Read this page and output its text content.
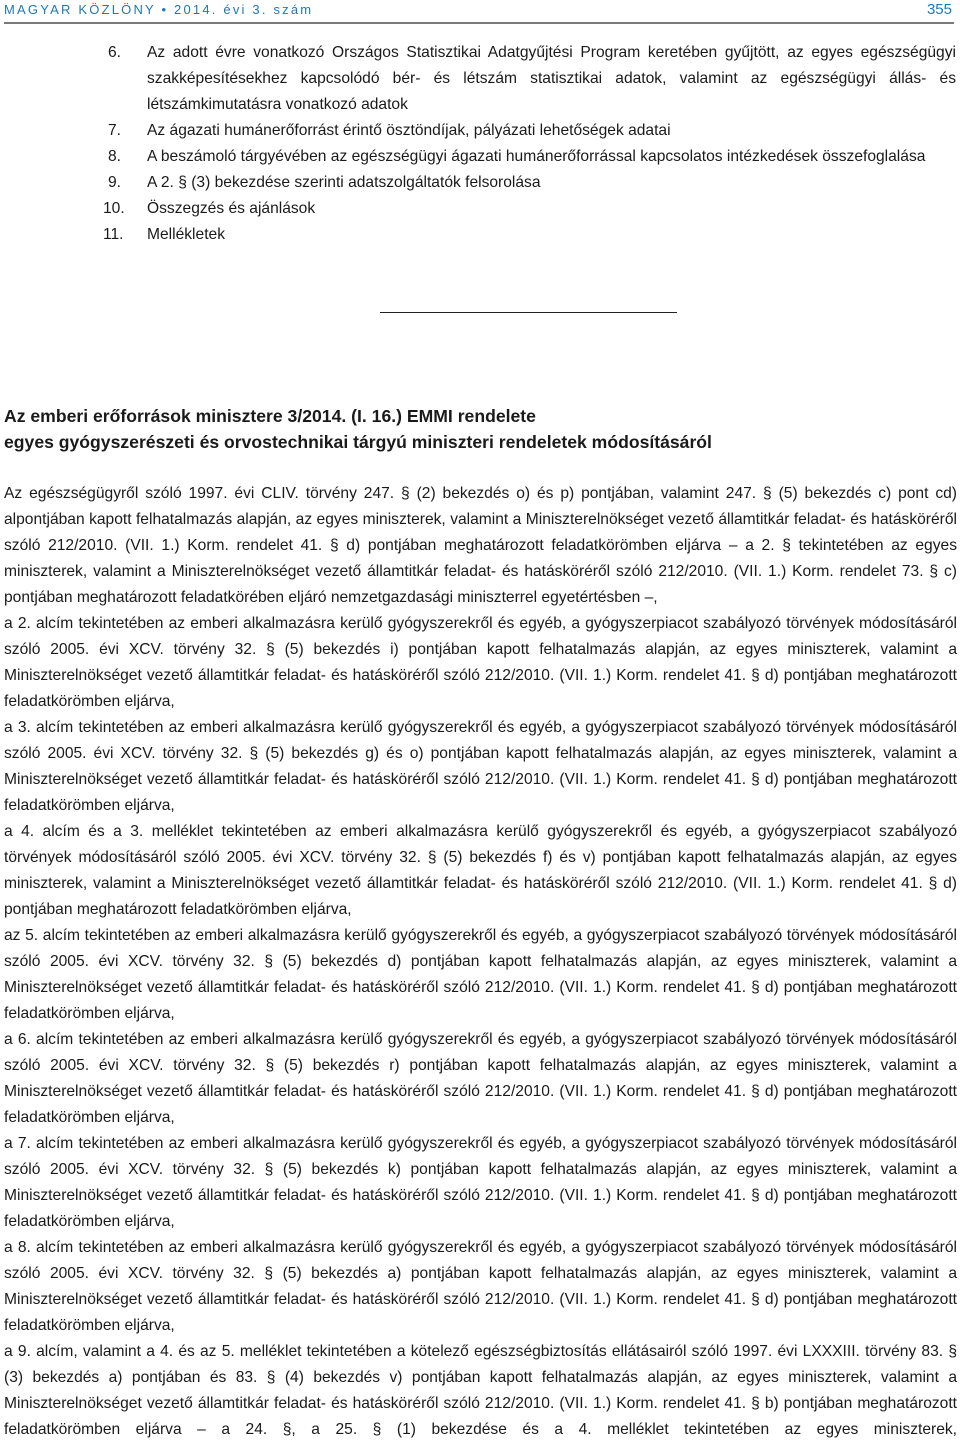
MAGYAR KÖZLÖNY • 2014. évi 3. szám	355
6. Az adott évre vonatkozó Országos Statisztikai Adatgyűjtési Program keretében gyűjtött, az egyes egészségügyi szakképesítésekhez kapcsolódó bér- és létszám statisztikai adatok, valamint az egészségügyi állás- és létszámkimutatásra vonatkozó adatok
7. Az ágazati humánerőforrást érintő ösztöndíjak, pályázati lehetőségek adatai
8. A beszámoló tárgyévében az egészségügyi ágazati humánerőforrással kapcsolatos intézkedések összefoglalása
9. A 2. § (3) bekezdése szerinti adatszolgáltatók felsorolása
10. Összegzés és ajánlások
11. Mellékletek
Az emberi erőforrások minisztere 3/2014. (I. 16.) EMMI rendelete
egyes gyógyszerészeti és orvostechnikai tárgyú miniszteri rendeletek módosításáról

Az egészségügyről szóló 1997. évi CLIV. törvény 247. § (2) bekezdés o) és p) pontjában, valamint 247. § (5) bekezdés c) pont cd) alpontjában kapott felhatalmazás alapján, az egyes miniszterek, valamint a Miniszterelnökséget vezető államtitkár feladat- és hatásköréről szóló 212/2010. (VII. 1.) Korm. rendelet 41. § d) pontjában meghatározott feladatkörömben eljárva – a 2. § tekintetében az egyes miniszterek, valamint a Miniszterelnökséget vezető államtitkár feladat- és hatásköréről szóló 212/2010. (VII. 1.) Korm. rendelet 73. § c) pontjában meghatározott feladatkörében eljáró nemzetgazdasági miniszterrel egyetértésben –,

a 2. alcím tekintetében az emberi alkalmazásra kerülő gyógyszerekről és egyéb, a gyógyszerpiacot szabályozó törvények módosításáról szóló 2005. évi XCV. törvény 32. § (5) bekezdés i) pontjában kapott felhatalmazás alapján, az egyes miniszterek, valamint a Miniszterelnökséget vezető államtitkár feladat- és hatásköréről szóló 212/2010. (VII. 1.) Korm. rendelet 41. § d) pontjában meghatározott feladatkörömben eljárva,

a 3. alcím tekintetében az emberi alkalmazásra kerülő gyógyszerekről és egyéb, a gyógyszerpiacot szabályozó törvények módosításáról szóló 2005. évi XCV. törvény 32. § (5) bekezdés g) és o) pontjában kapott felhatalmazás alapján, az egyes miniszterek, valamint a Miniszterelnökséget vezető államtitkár feladat- és hatásköréről szóló 212/2010. (VII. 1.) Korm. rendelet 41. § d) pontjában meghatározott feladatkörömben eljárva,

a 4. alcím és a 3. melléklet tekintetében az emberi alkalmazásra kerülő gyógyszerekről és egyéb, a gyógyszerpiacot szabályozó törvények módosításáról szóló 2005. évi XCV. törvény 32. § (5) bekezdés f) és v) pontjában kapott felhatalmazás alapján, az egyes miniszterek, valamint a Miniszterelnökséget vezető államtitkár feladat- és hatásköréről szóló 212/2010. (VII. 1.) Korm. rendelet 41. § d) pontjában meghatározott feladatkörömben eljárva,

az 5. alcím tekintetében az emberi alkalmazásra kerülő gyógyszerekről és egyéb, a gyógyszerpiacot szabályozó törvények módosításáról szóló 2005. évi XCV. törvény 32. § (5) bekezdés d) pontjában kapott felhatalmazás alapján, az egyes miniszterek, valamint a Miniszterelnökséget vezető államtitkár feladat- és hatásköréről szóló 212/2010. (VII. 1.) Korm. rendelet 41. § d) pontjában meghatározott feladatkörömben eljárva,

a 6. alcím tekintetében az emberi alkalmazásra kerülő gyógyszerekről és egyéb, a gyógyszerpiacot szabályozó törvények módosításáról szóló 2005. évi XCV. törvény 32. § (5) bekezdés r) pontjában kapott felhatalmazás alapján, az egyes miniszterek, valamint a Miniszterelnökséget vezető államtitkár feladat- és hatásköréről szóló 212/2010. (VII. 1.) Korm. rendelet 41. § d) pontjában meghatározott feladatkörömben eljárva,

a 7. alcím tekintetében az emberi alkalmazásra kerülő gyógyszerekről és egyéb, a gyógyszerpiacot szabályozó törvények módosításáról szóló 2005. évi XCV. törvény 32. § (5) bekezdés k) pontjában kapott felhatalmazás alapján, az egyes miniszterek, valamint a Miniszterelnökséget vezető államtitkár feladat- és hatásköréről szóló 212/2010. (VII. 1.) Korm. rendelet 41. § d) pontjában meghatározott feladatkörömben eljárva,

a 8. alcím tekintetében az emberi alkalmazásra kerülő gyógyszerekről és egyéb, a gyógyszerpiacot szabályozó törvények módosításáról szóló 2005. évi XCV. törvény 32. § (5) bekezdés a) pontjában kapott felhatalmazás alapján, az egyes miniszterek, valamint a Miniszterelnökséget vezető államtitkár feladat- és hatásköréről szóló 212/2010. (VII. 1.) Korm. rendelet 41. § d) pontjában meghatározott feladatkörömben eljárva,

a 9. alcím, valamint a 4. és az 5. melléklet tekintetében a kötelező egészségbiztosítás ellátásairól szóló 1997. évi LXXXIII. törvény 83. § (3) bekezdés a) pontjában és 83. § (4) bekezdés v) pontjában kapott felhatalmazás alapján, az egyes miniszterek, valamint a Miniszterelnökséget vezető államtitkár feladat- és hatásköréről szóló 212/2010. (VII. 1.) Korm. rendelet 41. § b) pontjában meghatározott feladatkörömben eljárva – a 24. §, a 25. § (1) bekezdése és a 4. melléklet tekintetében az egyes miniszterek,
